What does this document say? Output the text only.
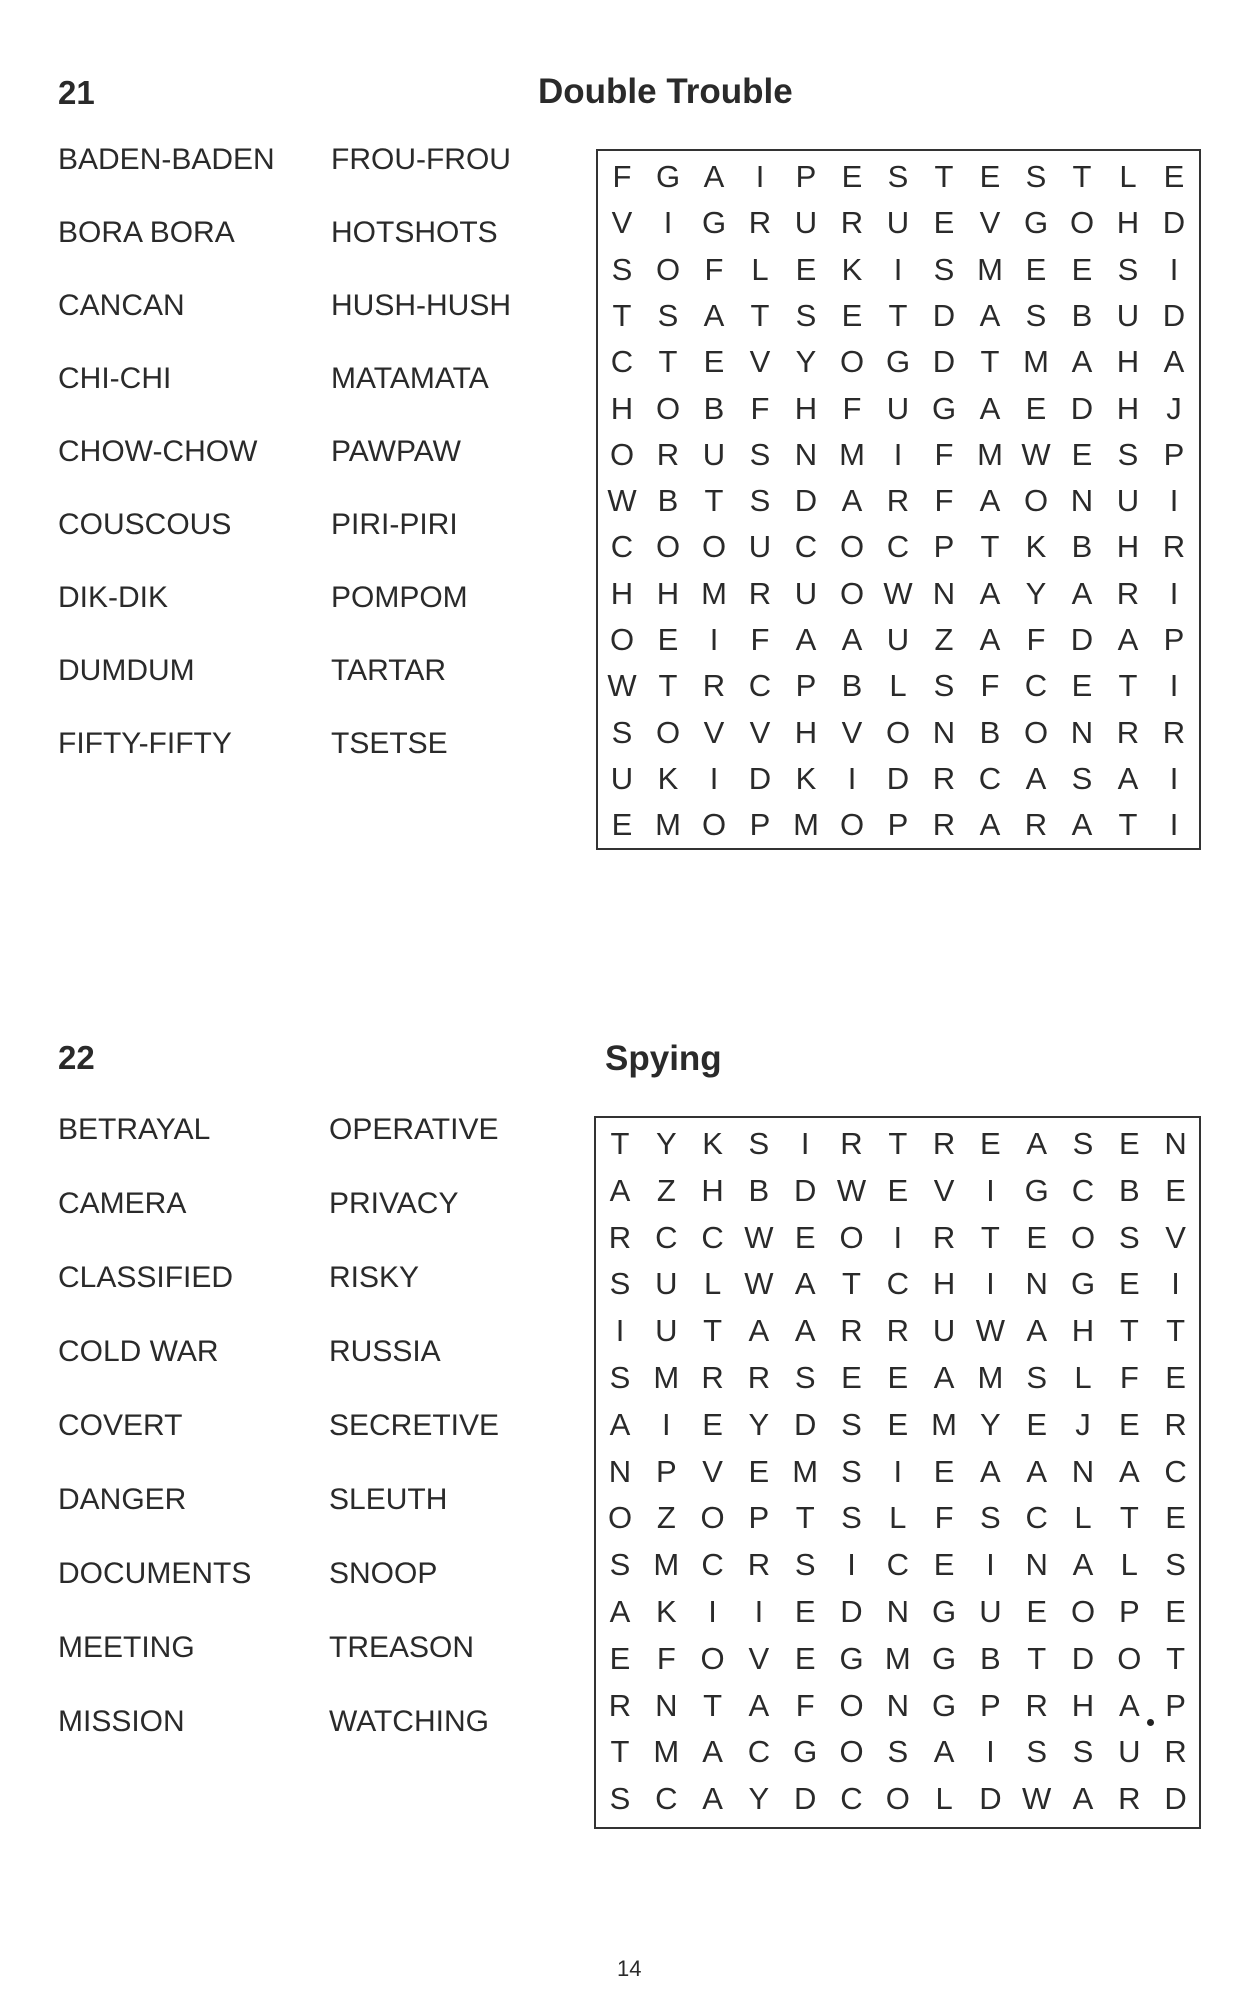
21	Double Trouble
BADEN-BADEN
BORA BORA
CANCAN
CHI-CHI
CHOW-CHOW
COUSCOUS
DIK-DIK
DUMDUM
FIFTY-FIFTY
FROU-FROU
HOTSHOTS
HUSH-HUSH
MATAMATA
PAWPAW
PIRI-PIRI
POMPOM
TARTAR
TSETSE
F G A	I	P E S T E S T L E
V	I G R U R U E V G O H D
S O F L E K	I	S M E E S	I
T S A T S E T D A S B U D
C T E V Y O G D T M A H A
H O B F H F U G A E D H J
O R U S N M I	F M W E S P
W B T S D A R F A O N U I
C O O U C O C P T K B H R
H H M R U O W N A Y A R I
O E	I	F A A U Z A F D A P
W T R C P B L S F C E T	I
S O V V H V O N B O N R R
U K	I D K	I D R C A S A	I
E M O P M O P R A R A T	I
22	Spying
BETRAYAL
CAMERA
CLASSIFIED
COLD WAR
COVERT
DANGER
DOCUMENTS
MEETING
MISSION
OPERATIVE
PRIVACY
RISKY
RUSSIA
SECRETIVE
SLEUTH
SNOOP
TREASON
WATCHING
T Y K S	I R T R E A S E N
A Z H B D W E V	I G C B E
R C C W E O I R T E O S V
S U L W A T C H I N G E	I
I U T A A R R U W A H T T
S M R R S E E A M S L F E
A	I	E Y D S E M Y E J E R
N P V E M S	I	E A A N A C
O Z O P T S L F S C L T E
S M C R S	I C E	I N A L S
A K	I	I	E D N G U E O P E
E F O V E G M G B T D O T
R N T A F O N G P R H A P
T M A C G O S A	I	S S U R
S C A Y D C O L D W A R D
14
